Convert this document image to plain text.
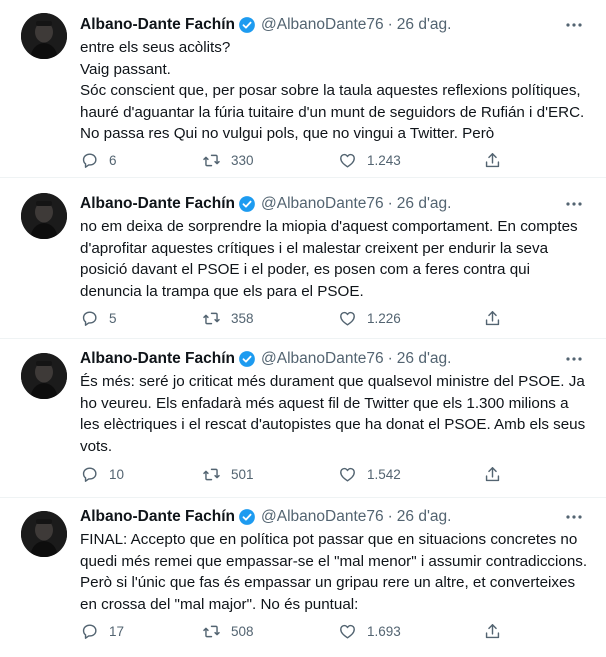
Albano-Dante Fachín @AlbanoDante76 · 26 d'ag.
entre els seus acòlits?
Vaig passant.
Sóc conscient que, per posar sobre la taula aquestes reflexions polítiques, hauré d'aguantar la fúria tuitaire d'un munt de seguidors de Rufián i d'ERC. No passa res Qui no vulgui pols, que no vingui a Twitter. Però
6	330	1.243
Albano-Dante Fachín @AlbanoDante76 · 26 d'ag.
no em deixa de sorprendre la miopia d'aquest comportament. En comptes d'aprofitar aquestes crítiques i el malestar creixent per endurir la seva posició davant el PSOE i el poder, es posen com a feres contra qui denuncia la trampa que els para el PSOE.
5	358	1.226
Albano-Dante Fachín @AlbanoDante76 · 26 d'ag.
És més: seré jo criticat més durament que qualsevol ministre del PSOE. Ja ho veureu. Els enfadarà més aquest fil de Twitter que els 1.300 milions a les elèctriques i el rescat d'autopistes que ha donat el PSOE. Amb els seus vots.
10	501	1.542
Albano-Dante Fachín @AlbanoDante76 · 26 d'ag.
FINAL: Accepto que en política pot passar que en situacions concretes no quedi més remei que empassar-se el "mal menor" i assumir contradiccions. Però si l'únic que fas és empassar un gripau rere un altre, et converteixes en crossa del "mal major". No és puntual:
17	508	1.693
